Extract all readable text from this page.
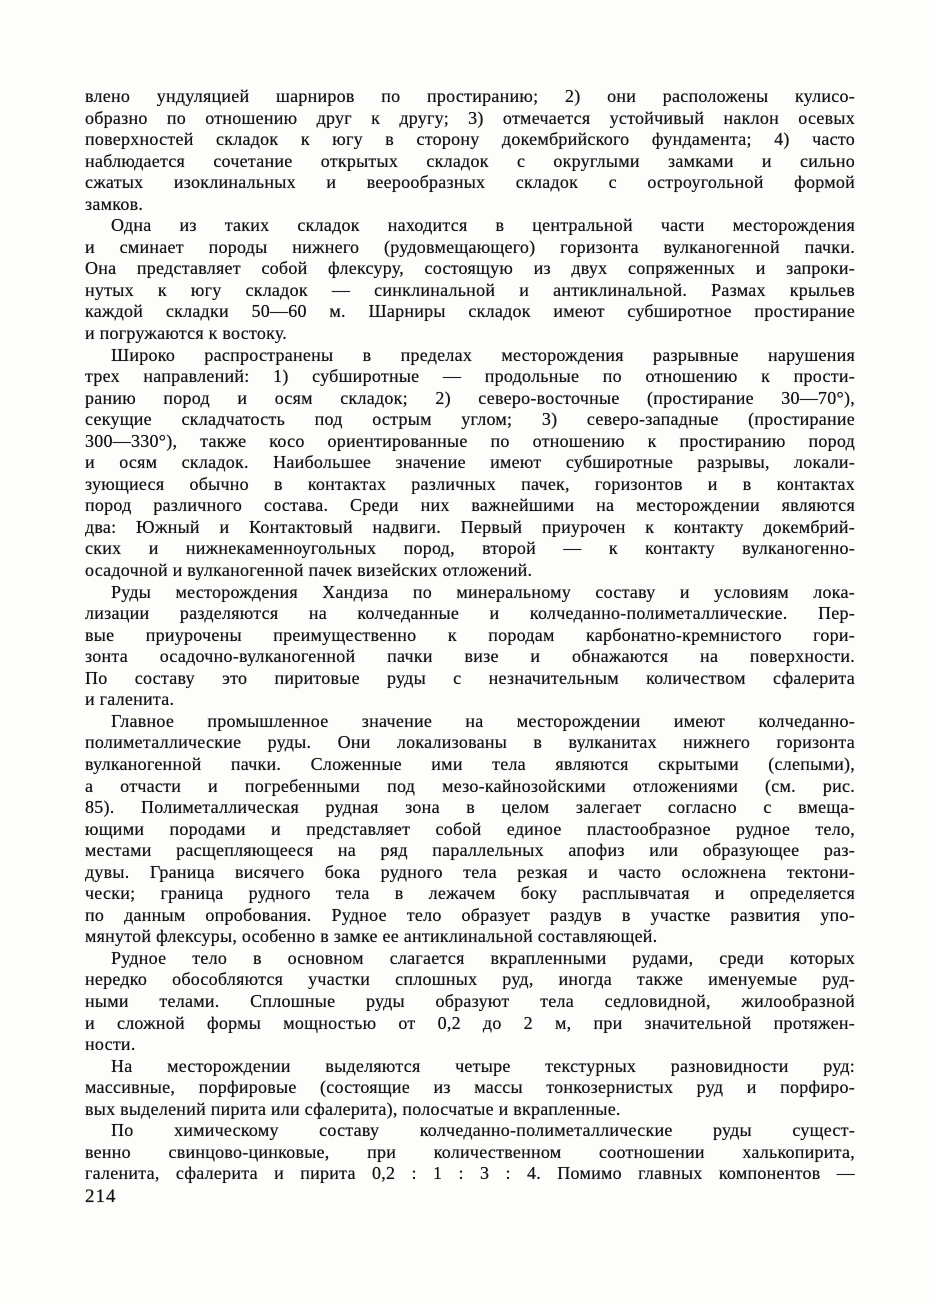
влено ундуляцией шарниров по простиранию; 2) они расположены кулисо-
образно по отношению друг к другу; 3) отмечается устойчивый наклон осевых
поверхностей складок к югу в сторону докембрийского фундамента; 4) часто
наблюдается сочетание открытых складок с округлыми замками и сильно
сжатых изоклинальных и веерообразных складок с остроугольной формой
замков.
Одна из таких складок находится в центральной части месторождения
и сминает породы нижнего (рудовмещающего) горизонта вулканогенной пачки.
Она представляет собой флексуру, состоящую из двух сопряженных и запроки-
нутых к югу складок — синклинальной и антиклинальной. Размах крыльев
каждой складки 50—60 м. Шарниры складок имеют субширотное простирание
и погружаются к востоку.
Широко распространены в пределах месторождения разрывные нарушения
трех направлений: 1) субширотные — продольные по отношению к прости-
ранию пород и осям складок; 2) северо-восточные (простирание 30—70°),
секущие складчатость под острым углом; 3) северо-западные (простирание
300—330°), также косо ориентированные по отношению к простиранию пород
и осям складок. Наибольшее значение имеют субширотные разрывы, локали-
зующиеся обычно в контактах различных пачек, горизонтов и в контактах
пород различного состава. Среди них важнейшими на месторождении являются
два: Южный и Контактовый надвиги. Первый приурочен к контакту докембрий-
ских и нижнекаменноугольных пород, второй — к контакту вулканогенно-
осадочной и вулканогенной пачек визейских отложений.
Руды месторождения Хандиза по минеральному составу и условиям лока-
лизации разделяются на колчеданные и колчеданно-полиметаллические. Пер-
вые приурочены преимущественно к породам карбонатно-кремнистого гори-
зонта осадочно-вулканогенной пачки визе и обнажаются на поверхности.
По составу это пиритовые руды с незначительным количеством сфалерита
и галенита.
Главное промышленное значение на месторождении имеют колчеданно-
полиметаллические руды. Они локализованы в вулканитах нижнего горизонта
вулканогенной пачки. Сложенные ими тела являются скрытыми (слепыми),
а отчасти и погребенными под мезо-кайнозойскими отложениями (см. рис.
85). Полиметаллическая рудная зона в целом залегает согласно с вмеща-
ющими породами и представляет собой единое пластообразное рудное тело,
местами расщепляющееся на ряд параллельных апофиз или образующее раз-
дувы. Граница висячего бока рудного тела резкая и часто осложнена тектони-
чески; граница рудного тела в лежачем боку расплывчатая и определяется
по данным опробования. Рудное тело образует раздув в участке развития упо-
мянутой флексуры, особенно в замке ее антиклинальной составляющей.
Рудное тело в основном слагается вкрапленными рудами, среди которых
нередко обособляются участки сплошных руд, иногда также именуемые руд-
ными телами. Сплошные руды образуют тела седловидной, жилообразной
и сложной формы мощностью от 0,2 до 2 м, при значительной протяжен-
ности.
На месторождении выделяются четыре текстурных разновидности руд:
массивные, порфировые (состоящие из массы тонкозернистых руд и порфиро-
вых выделений пирита или сфалерита), полосчатые и вкрапленные.
По химическому составу колчеданно-полиметаллические руды сущест-
венно свинцово-цинковые, при количественном соотношении халькопирита,
галенита, сфалерита и пирита 0,2 : 1 : 3 : 4. Помимо главных компонентов —
214
